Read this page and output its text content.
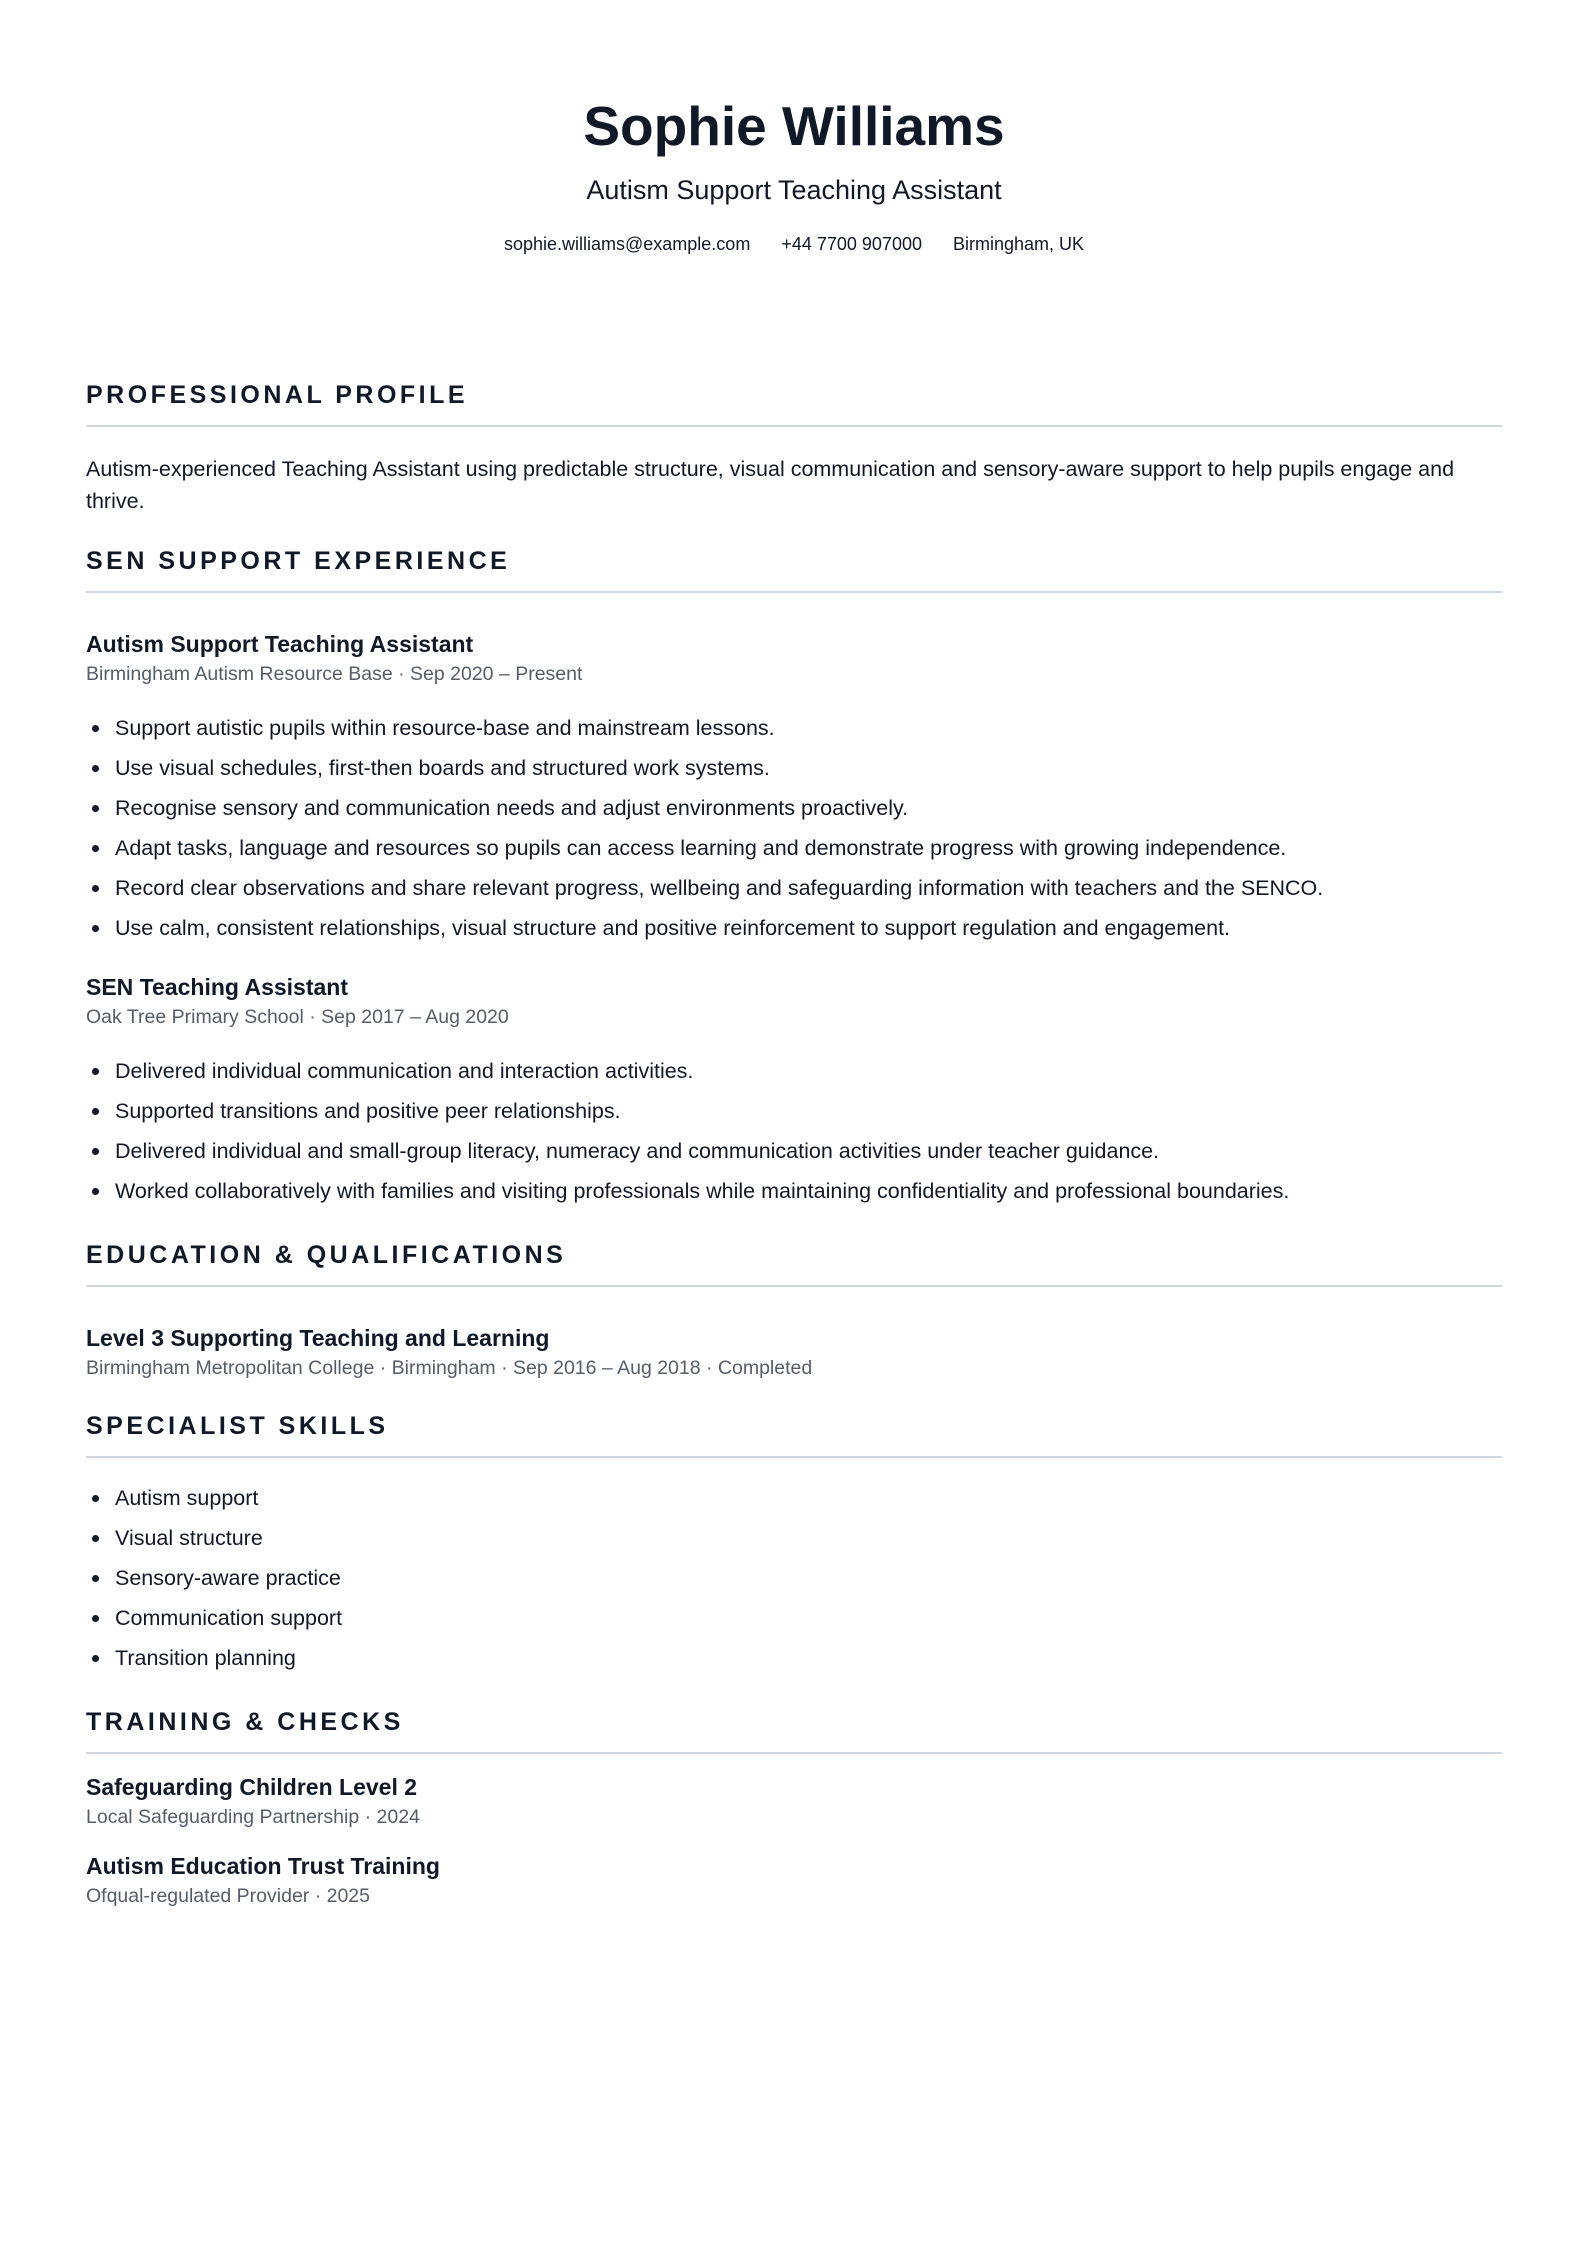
Sophie Williams
Autism Support Teaching Assistant
sophie.williams@example.com +44 7700 907000 Birmingham, UK
PROFESSIONAL PROFILE
Autism-experienced Teaching Assistant using predictable structure, visual communication and sensory-aware support to help pupils engage and thrive.
SEN SUPPORT EXPERIENCE
Autism Support Teaching Assistant
Birmingham Autism Resource Base · Sep 2020 – Present
Support autistic pupils within resource-base and mainstream lessons.
Use visual schedules, first-then boards and structured work systems.
Recognise sensory and communication needs and adjust environments proactively.
Adapt tasks, language and resources so pupils can access learning and demonstrate progress with growing independence.
Record clear observations and share relevant progress, wellbeing and safeguarding information with teachers and the SENCO.
Use calm, consistent relationships, visual structure and positive reinforcement to support regulation and engagement.
SEN Teaching Assistant
Oak Tree Primary School · Sep 2017 – Aug 2020
Delivered individual communication and interaction activities.
Supported transitions and positive peer relationships.
Delivered individual and small-group literacy, numeracy and communication activities under teacher guidance.
Worked collaboratively with families and visiting professionals while maintaining confidentiality and professional boundaries.
EDUCATION & QUALIFICATIONS
Level 3 Supporting Teaching and Learning
Birmingham Metropolitan College · Birmingham · Sep 2016 – Aug 2018 · Completed
SPECIALIST SKILLS
Autism support
Visual structure
Sensory-aware practice
Communication support
Transition planning
TRAINING & CHECKS
Safeguarding Children Level 2
Local Safeguarding Partnership · 2024
Autism Education Trust Training
Ofqual-regulated Provider · 2025
